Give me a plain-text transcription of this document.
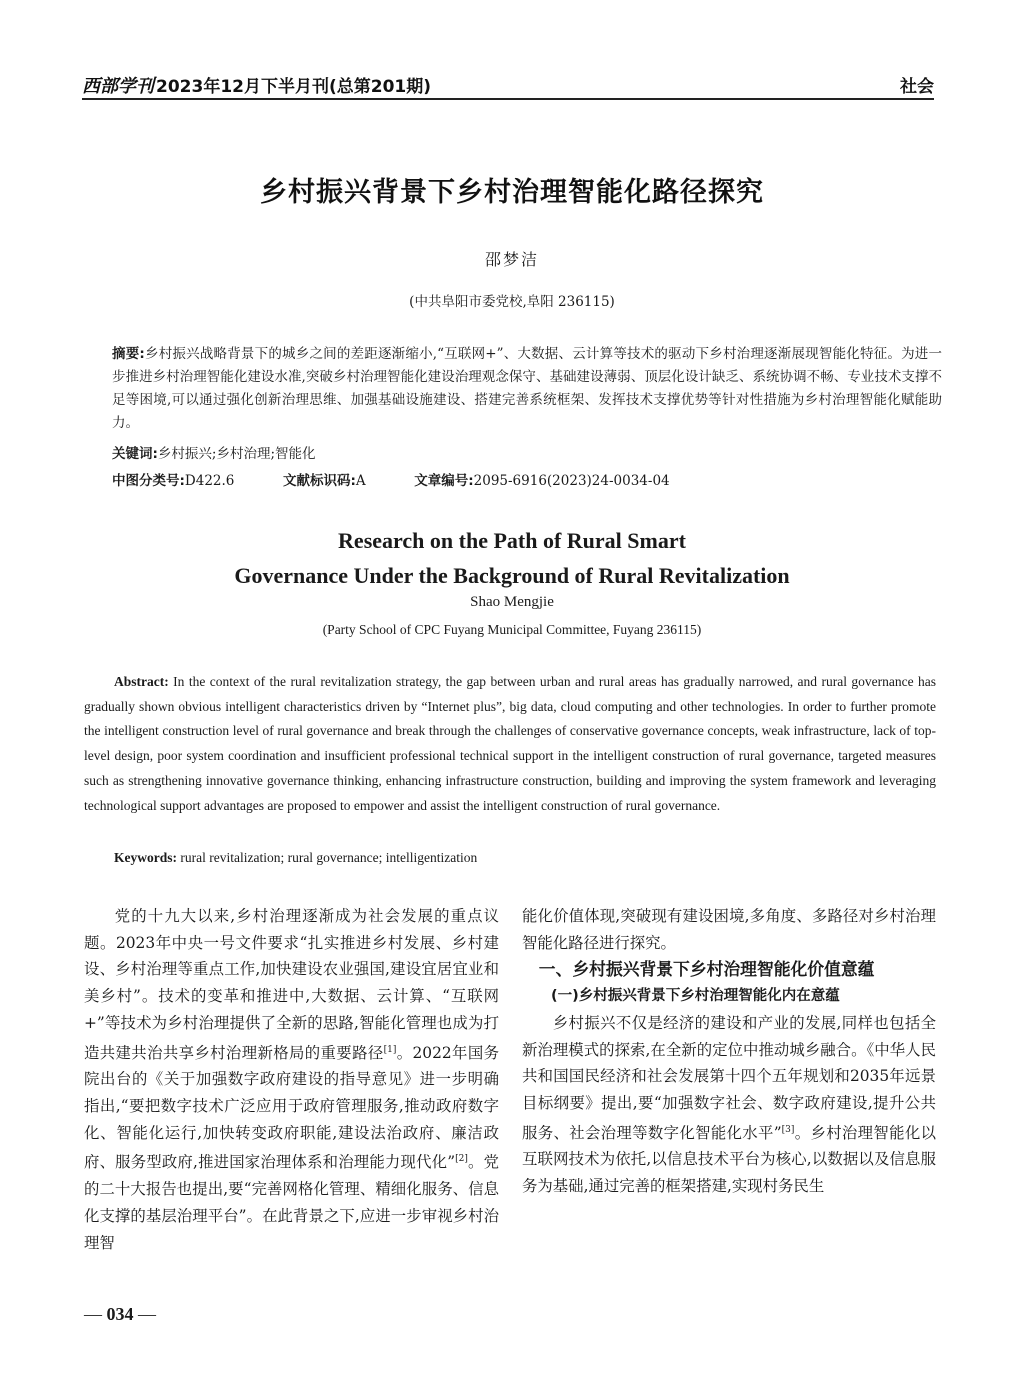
西部学刊 2023年12月下半月刊(总第201期)	社会
乡村振兴背景下乡村治理智能化路径探究
邵梦洁
(中共阜阳市委党校,阜阳 236115)
摘要:乡村振兴战略背景下的城乡之间的差距逐渐缩小,“互联网+”、大数据、云计算等技术的驱动下乡村治理逐渐展现智能化特征。为进一步推进乡村治理智能化建设水准,突破乡村治理智能化建设治理观念保守、基础建设薄弱、顶层化设计缺乏、系统协调不畅、专业技术支撑不足等困境,可以通过强化创新治理思维、加强基础设施建设、搭建完善系统框架、发挥技术支撑优势等针对性措施为乡村治理智能化赋能助力。
关键词:乡村振兴;乡村治理;智能化
中图分类号:D422.6	文献标识码:A	文章编号:2095-6916(2023)24-0034-04
Research on the Path of Rural Smart
Governance Under the Background of Rural Revitalization
Shao Mengjie
(Party School of CPC Fuyang Municipal Committee, Fuyang 236115)
Abstract: In the context of the rural revitalization strategy, the gap between urban and rural areas has gradually narrowed, and rural governance has gradually shown obvious intelligent characteristics driven by “Internet plus”, big data, cloud computing and other technologies. In order to further promote the intelligent construction level of rural governance and break through the challenges of conservative governance concepts, weak infrastructure, lack of top-level design, poor system coordination and insufficient professional technical support in the intelligent construction of rural governance, targeted measures such as strengthening innovative governance thinking, enhancing infrastructure construction, building and improving the system framework and leveraging technological support advantages are proposed to empower and assist the intelligent construction of rural governance.
Keywords: rural revitalization; rural governance; intelligentization

党的十九大以来,乡村治理逐渐成为社会发展的重点议题。2023年中央一号文件要求“扎实推进乡村发展、乡村建设、乡村治理等重点工作,加快建设农业强国,建设宜居宜业和美乡村”。技术的变革和推进中,大数据、云计算、“互联网+”等技术为乡村治理提供了全新的思路,智能化管理也成为打造共建共治共享乡村治理新格局的重要路径[1]。2022年国务院出台的《关于加强数字政府建设的指导意见》进一步明确指出,“要把数字技术广泛应用于政府管理服务,推动政府数字化、智能化运行,加快转变政府职能,建设法治政府、廉洁政府、服务型政府,推进国家治理体系和治理能力现代化”[2]。党的二十大报告也提出,要“完善网格化管理、精细化服务、信息化支撑的基层治理平台”。在此背景之下,应进一步审视乡村治理智

能化价值体现,突破现有建设困境,多角度、多路径对乡村治理智能化路径进行探究。

一、乡村振兴背景下乡村治理智能化价值意蕴

(一)乡村振兴背景下乡村治理智能化内在意蕴

乡村振兴不仅是经济的建设和产业的发展,同样也包括全新治理模式的探索,在全新的定位中推动城乡融合。《中华人民共和国国民经济和社会发展第十四个五年规划和2035年远景目标纲要》提出,要“加强数字社会、数字政府建设,提升公共服务、社会治理等数字化智能化水平”[3]。乡村治理智能化以互联网技术为依托,以信息技术平台为核心,以数据以及信息服务为基础,通过完善的框架搭建,实现村务民生

— 034 —
